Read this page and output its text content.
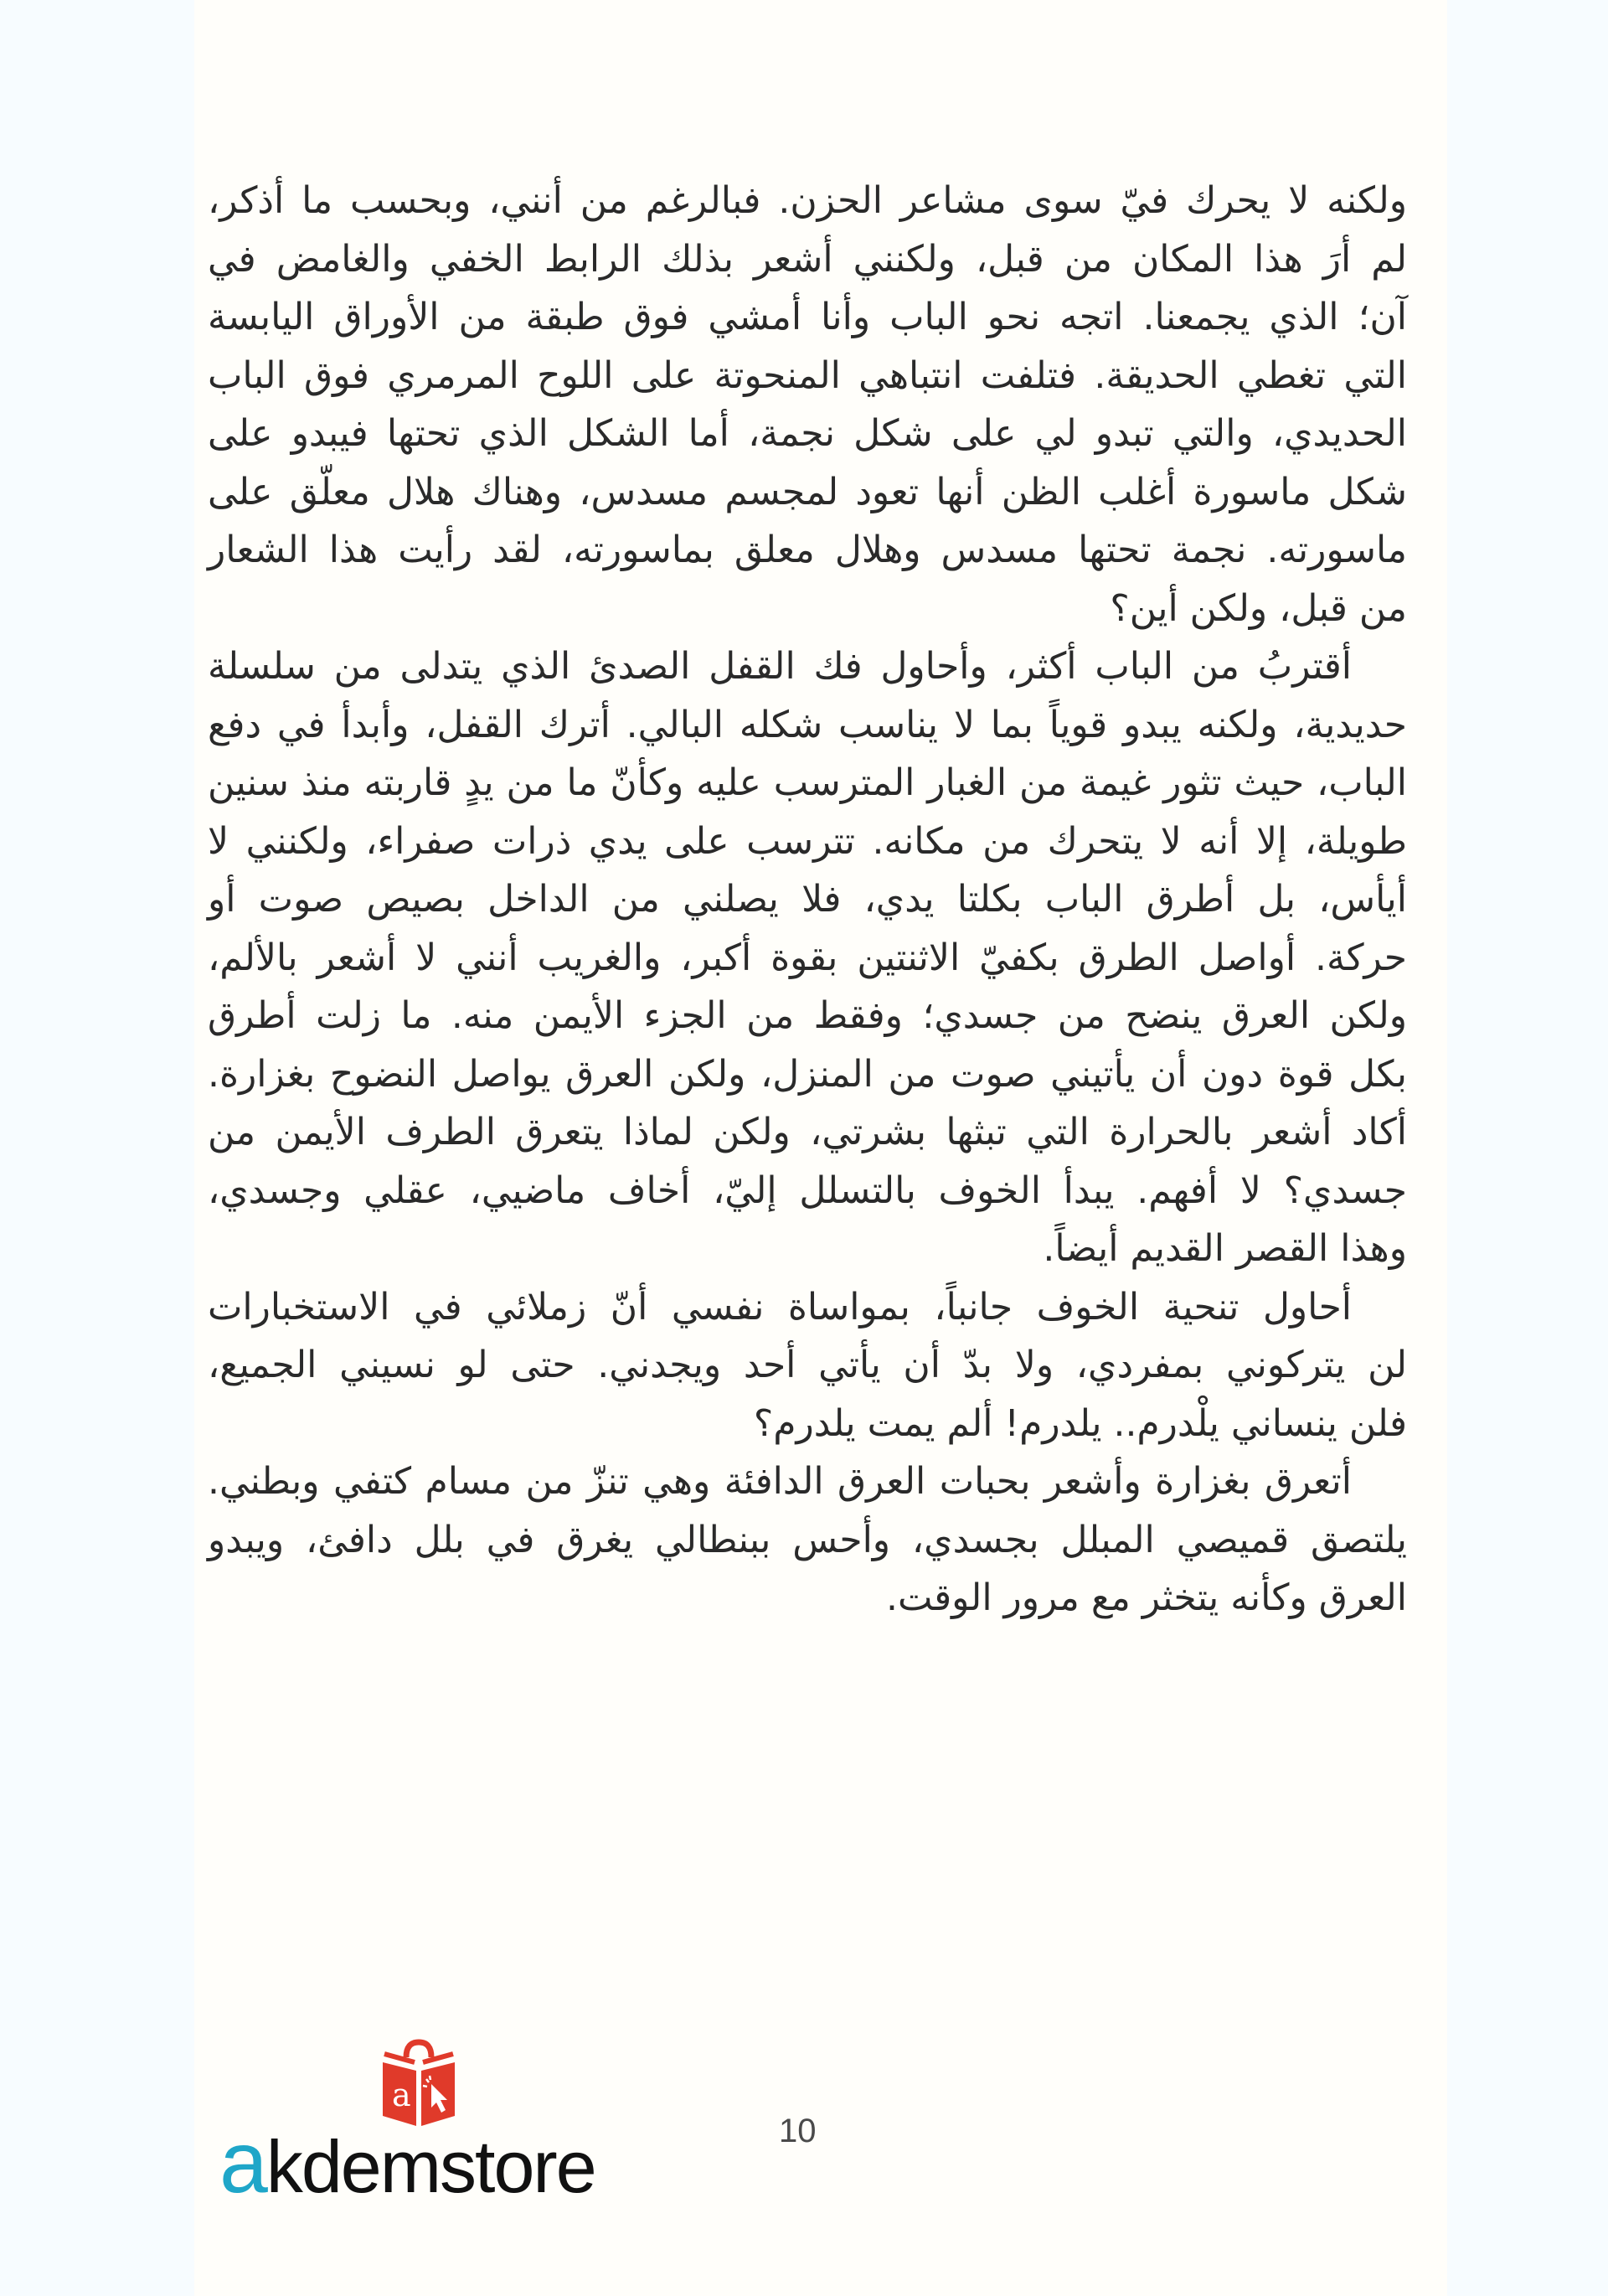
ولكنه لا يحرك فيّ سوى مشاعر الحزن. فبالرغم من أنني، وبحسب ما أذكر،
لم أرَ هذا المكان من قبل، ولكنني أشعر بذلك الرابط الخفي والغامض في
آن؛ الذي يجمعنا. اتجه نحو الباب وأنا أمشي فوق طبقة من الأوراق اليابسة
التي تغطي الحديقة. فتلفت انتباهي المنحوتة على اللوح المرمري فوق الباب
الحديدي، والتي تبدو لي على شكل نجمة، أما الشكل الذي تحتها فيبدو على
شكل ماسورة أغلب الظن أنها تعود لمجسم مسدس، وهناك هلال معلّق على
ماسورته. نجمة تحتها مسدس وهلال معلق بماسورته، لقد رأيت هذا الشعار
من قبل، ولكن أين؟
أقتربُ من الباب أكثر، وأحاول فك القفل الصدئ الذي يتدلى من سلسلة
حديدية، ولكنه يبدو قوياً بما لا يناسب شكله البالي. أترك القفل، وأبدأ في دفع
الباب، حيث تثور غيمة من الغبار المترسب عليه وكأنّ ما من يدٍ قاربته منذ سنين
طويلة، إلا أنه لا يتحرك من مكانه. تترسب على يدي ذرات صفراء، ولكنني لا
أيأس، بل أطرق الباب بكلتا يدي، فلا يصلني من الداخل بصيص صوت أو
حركة. أواصل الطرق بكفيّ الاثنتين بقوة أكبر، والغريب أنني لا أشعر بالألم،
ولكن العرق ينضح من جسدي؛ وفقط من الجزء الأيمن منه. ما زلت أطرق
بكل قوة دون أن يأتيني صوت من المنزل، ولكن العرق يواصل النضوح بغزارة.
أكاد أشعر بالحرارة التي تبثها بشرتي، ولكن لماذا يتعرق الطرف الأيمن من
جسدي؟ لا أفهم. يبدأ الخوف بالتسلل إليّ، أخاف ماضيي، عقلي وجسدي،
وهذا القصر القديم أيضاً.
أحاول تنحية الخوف جانباً، بمواساة نفسي أنّ زملائي في الاستخبارات
لن يتركوني بمفردي، ولا بدّ أن يأتي أحد ويجدني. حتى لو نسيني الجميع،
فلن ينساني يلْدرم.. يلدرم! ألم يمت يلدرم؟
أتعرق بغزارة وأشعر بحبات العرق الدافئة وهي تنزّ من مسام كتفي وبطني.
يلتصق قميصي المبلل بجسدي، وأحس ببنطالي يغرق في بلل دافئ، ويبدو
العرق وكأنه يتخثر مع مرور الوقت.
10
a
akdemstore
